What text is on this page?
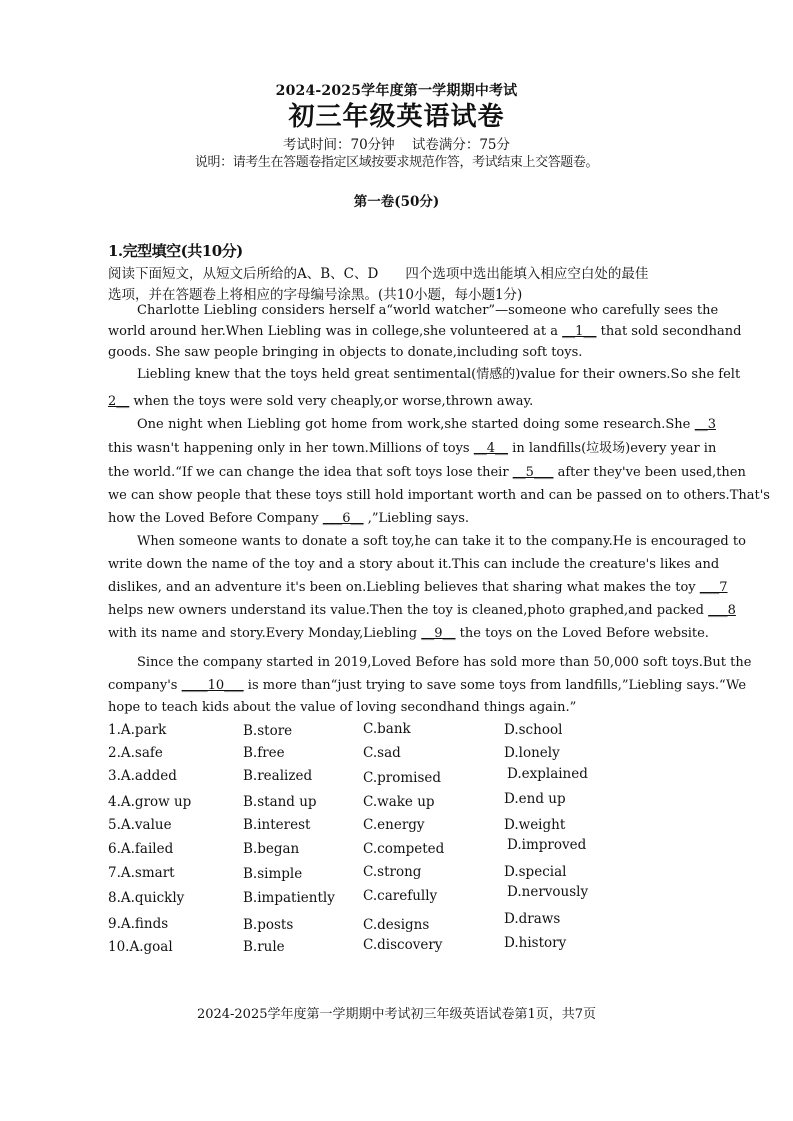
2024-2025学年度第一学期期中考试
初三年级英语试卷
考试时间：70分钟    试卷满分：75分
说明：请考生在答题卷指定区域按要求规范作答，考试结束上交答题卷。
第一卷(50分)
1.完型填空(共10分)
阅读下面短文，从短文后所给的A、B、C、D　　四个选项中选出能填入相应空白处的最佳
选项，并在答题卷上将相应的字母编号涂黑。(共10小题，每小题1分)
Charlotte Liebling considers herself a“world watcher”—someone who carefully sees the
world around her.When Liebling was in college,she volunteered at a __1__ that sold secondhand
goods. She saw people bringing in objects to donate,including soft toys.
Liebling knew that the toys held great sentimental(情感的)value for their owners.So she felt
2__ when the toys were sold very cheaply,or worse,thrown away.
One night when Liebling got home from work,she started doing some research.She __3
this wasn't happening only in her town.Millions of toys __4__ in landfills(垃圾场)every year in
the world.“If we can change the idea that soft toys lose their __5___ after they've been used,then
we can show people that these toys still hold important worth and can be passed on to others.That's
how the Loved Before Company ___6__ ,”Liebling says.
When someone wants to donate a soft toy,he can take it to the company.He is encouraged to
write down the name of the toy and a story about it.This can include the creature's likes and
dislikes, and an adventure it's been on.Liebling believes that sharing what makes the toy ___7
helps new owners understand its value.Then the toy is cleaned,photo graphed,and packed ___8
with its name and story.Every Monday,Liebling __9__ the toys on the Loved Before website.
Since the company started in 2019,Loved Before has sold more than 50,000 soft toys.But the
company's ____10___ is more than“just trying to save some toys from landfills,”Liebling says.“We
hope to teach kids about the value of loving secondhand things again.”
1.A.park	B.store	C.bank	D.school
2.A.safe	B.free	C.sad	D.lonely
3.A.added	B.realized	C.promised	D.explained
4.A.grow up	B.stand up	C.wake up	D.end up
5.A.value	B.interest	C.energy	D.weight
6.A.failed	B.began	C.competed	D.improved
7.A.smart	B.simple	C.strong	D.special
8.A.quickly	B.impatiently C.carefully	D.nervously
9.A.finds	B.posts	C.designs	D.draws
10.A.goal	B.rule	C.discovery	D.history
2024-2025学年度第一学期期中考试初三年级英语试卷第1页，共7页
